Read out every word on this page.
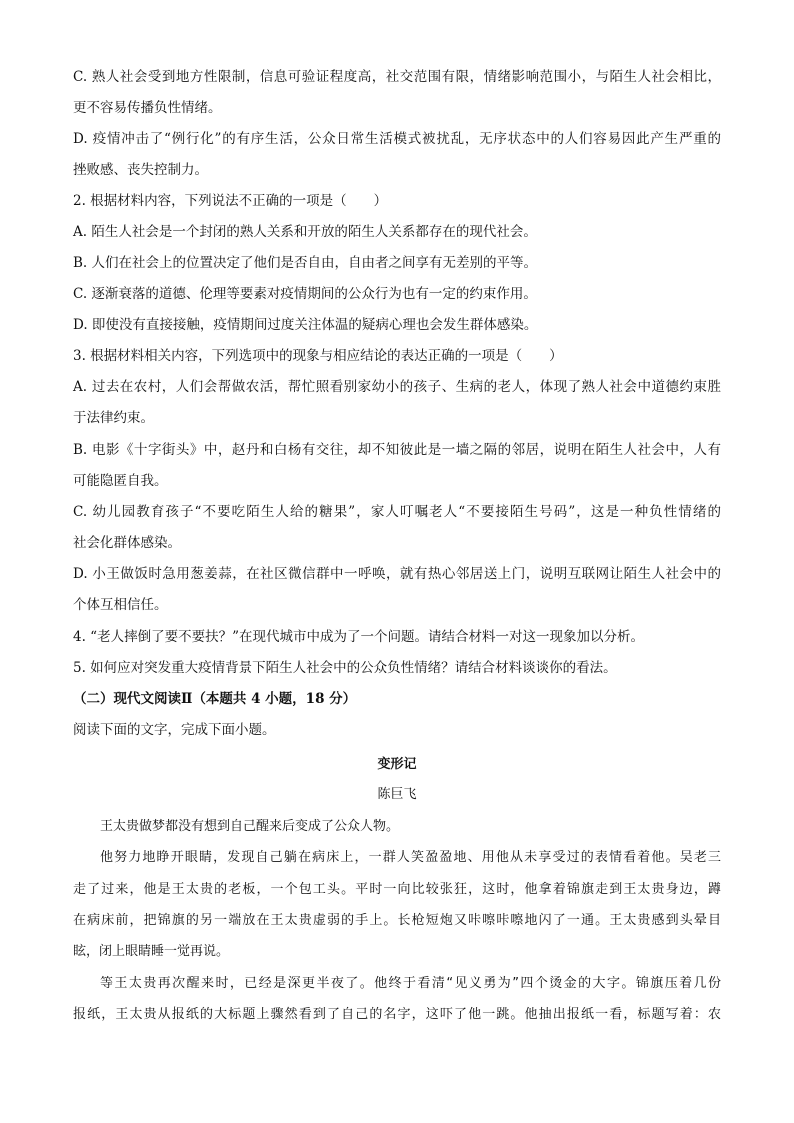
C. 熟人社会受到地方性限制，信息可验证程度高，社交范围有限，情绪影响范围小，与陌生人社会相比，
更不容易传播负性情绪。
D. 疫情冲击了“例行化”的有序生活，公众日常生活模式被扰乱，无序状态中的人们容易因此产生严重的
挫败感、丧失控制力。
2. 根据材料内容，下列说法不正确的一项是（　　）
A. 陌生人社会是一个封闭的熟人关系和开放的陌生人关系都存在的现代社会。
B. 人们在社会上的位置决定了他们是否自由，自由者之间享有无差别的平等。
C. 逐渐衰落的道德、伦理等要素对疫情期间的公众行为也有一定的约束作用。
D. 即使没有直接接触，疫情期间过度关注体温的疑病心理也会发生群体感染。
3. 根据材料相关内容，下列选项中的现象与相应结论的表达正确的一项是（　　）
A. 过去在农村，人们会帮做农活，帮忙照看别家幼小的孩子、生病的老人，体现了熟人社会中道德约束胜
于法律约束。
B. 电影《十字街头》中，赵丹和白杨有交往，却不知彼此是一墙之隔的邻居，说明在陌生人社会中，人有
可能隐匿自我。
C. 幼儿园教育孩子“不要吃陌生人给的糖果”，家人叮嘱老人“不要接陌生号码”，这是一种负性情绪的
社会化群体感染。
D. 小王做饭时急用葱姜蒜，在社区微信群中一呼唤，就有热心邻居送上门，说明互联网让陌生人社会中的
个体互相信任。
4. “老人摔倒了要不要扶？”在现代城市中成为了一个问题。请结合材料一对这一现象加以分析。
5. 如何应对突发重大疫情背景下陌生人社会中的公众负性情绪？请结合材料谈谈你的看法。
（二）现代文阅读Ⅱ（本题共 4 小题，18 分）
阅读下面的文字，完成下面小题。
变形记
陈巨飞
王太贵做梦都没有想到自己醒来后变成了公众人物。
他努力地睁开眼睛，发现自己躺在病床上，一群人笑盈盈地、用他从未享受过的表情看着他。吴老三
走了过来，他是王太贵的老板，一个包工头。平时一向比较张狂，这时，他拿着锦旗走到王太贵身边，蹲
在病床前，把锦旗的另一端放在王太贵虚弱的手上。长枪短炮又咔嚓咔嚓地闪了一通。王太贵感到头晕目
眩，闭上眼睛睡一觉再说。
等王太贵再次醒来时，已经是深更半夜了。他终于看清“见义勇为”四个烫金的大字。锦旗压着几份
报纸，王太贵从报纸的大标题上骤然看到了自己的名字，这吓了他一跳。他抽出报纸一看，标题写着：农
